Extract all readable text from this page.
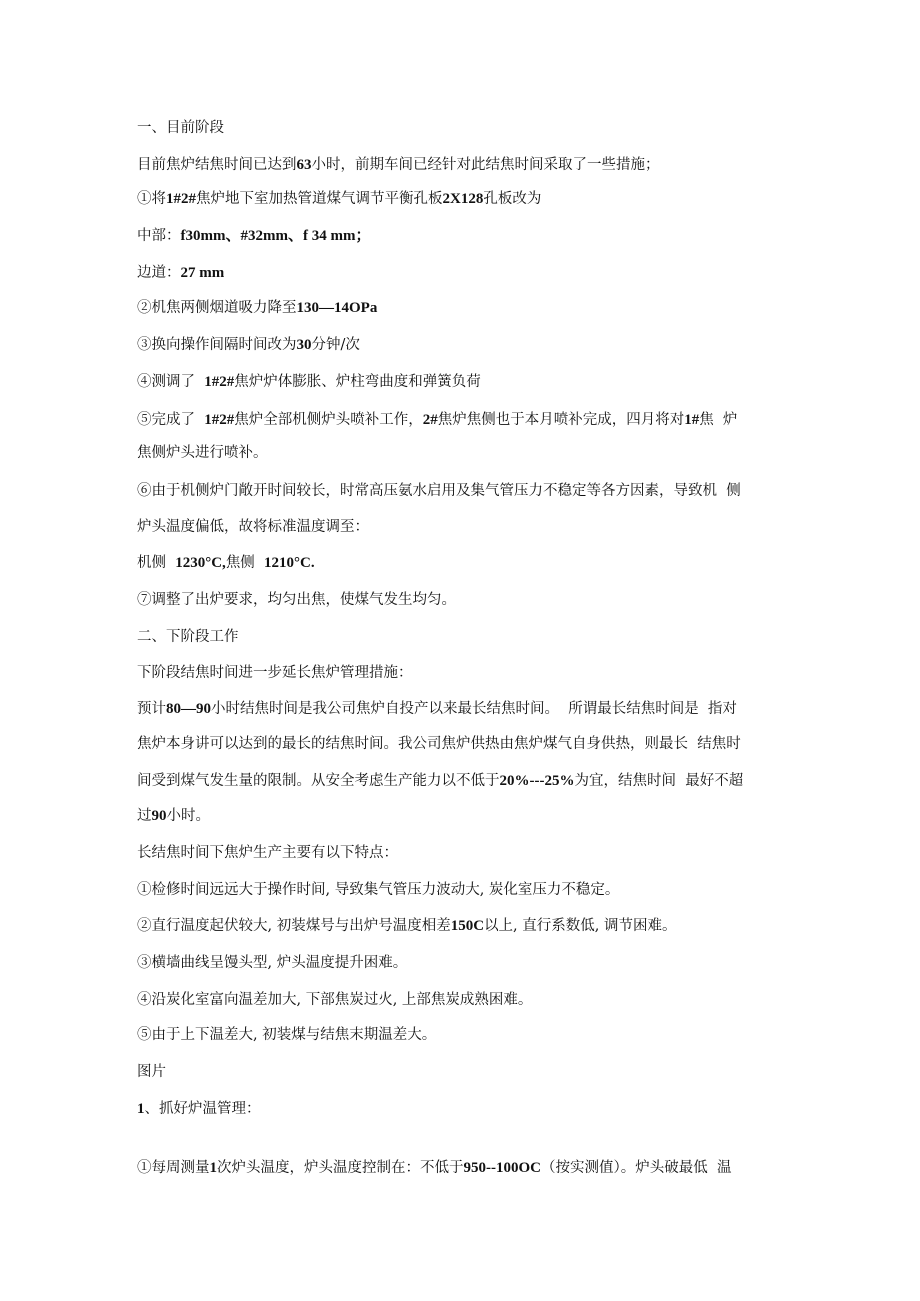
一、目前阶段
目前焦炉结焦时间已达到63小时，前期车间已经针对此结焦时间采取了一些措施；
①将1#2#焦炉地下室加热管道煤气调节平衡孔板2X128孔板改为
中部：f30mm、#32mm、f 34 mm；
边道：27 mm
②机焦两侧烟道吸力降至130—14OPa
③换向操作间隔时间改为30分钟/次
④测调了  1#2#焦炉炉体膨胀、炉柱弯曲度和弹簧负荷
⑤完成了  1#2#焦炉全部机侧炉头喷补工作，2#焦炉焦侧也于本月喷补完成，四月将对1#焦  炉
焦侧炉头进行喷补。
⑥由于机侧炉门敞开时间较长，时常高压氨水启用及集气管压力不稳定等各方因素，导致机  侧
炉头温度偏低，故将标准温度调至：
机侧  1230°C,焦侧  1210°C.
⑦调整了出炉要求，均匀出焦，使煤气发生均匀。
二、下阶段工作
下阶段结焦时间进一步延长焦炉管理措施：
预计80—90小时结焦时间是我公司焦炉自投产以来最长结焦时间。  所谓最长结焦时间是  指对
焦炉本身讲可以达到的最长的结焦时间。我公司焦炉供热由焦炉煤气自身供热，则最长  结焦时
间受到煤气发生量的限制。从安全考虑生产能力以不低于20%---25%为宜，结焦时间  最好不超
过90小时。
长结焦时间下焦炉生产主要有以下特点：
①检修时间远远大于操作时间, 导致集气管压力波动大, 炭化室压力不稳定。
②直行温度起伏较大, 初装煤号与出炉号温度相差150C以上, 直行系数低, 调节困难。
③横墙曲线呈馒头型, 炉头温度提升困难。
④沿炭化室富向温差加大, 下部焦炭过火, 上部焦炭成熟困难。
⑤由于上下温差大, 初装煤与结焦末期温差大。
图片
1、抓好炉温管理：
①每周测量1次炉头温度，炉头温度控制在：不低于950--100OC（按实测值）。炉头破最低  温
